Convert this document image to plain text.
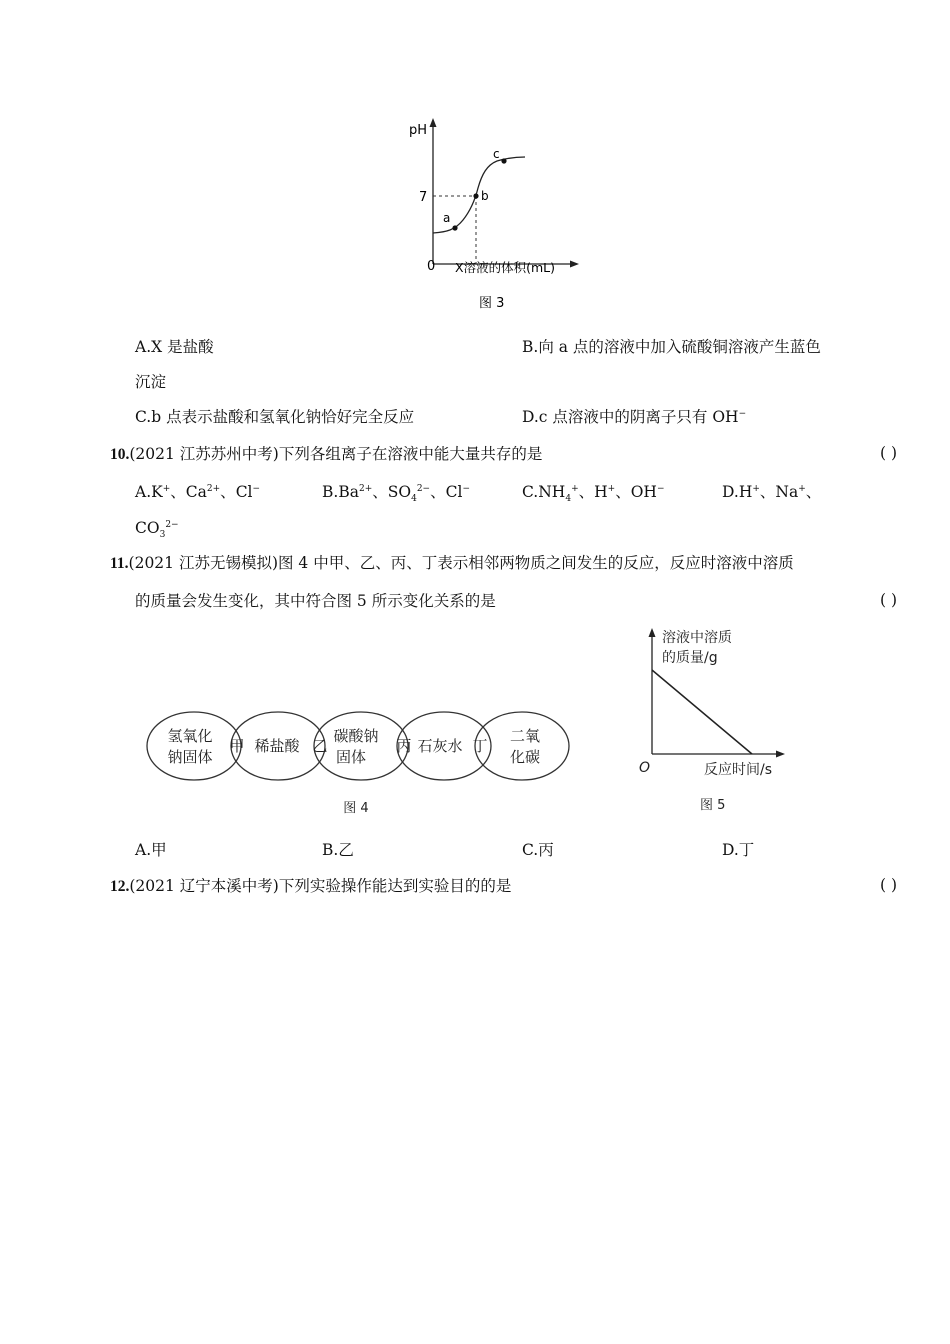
pH
7
0 X溶液的体积(mL)
a
b
c
图 3
A.X 是盐酸	B.向 a 点的溶液中加入硫酸铜溶液产生蓝色
沉淀
C.b 点表示盐酸和氢氧化钠恰好完全反应	D.c 点溶液中的阴离子只有 OH−
10.(2021 江苏苏州中考)下列各组离子在溶液中能大量共存的是	( )
A.K+、$Ca^{2+}$、Cl−	$B.Ba^{2+}$、$SO_4^{2-}$、Cl−	$C.NH_4^+$、H+、OH−	D.H+、Na+、
$CO_3^{2-}$
11.(2021 江苏无锡模拟)图 4 中甲、乙、丙、丁表示相邻两物质之间发生的反应，反应时溶液中溶质
的质量会发生变化，其中符合图 5 所示变化关系的是	( )
氢氧化
钠固体
稀盐酸
碳酸钠
固体
石灰水
二氧
化碳
甲	乙	丙	丁
图 4
溶液中溶质
的质量/g
O	反应时间/s
图 5
A.甲	B.乙	C.丙	D.丁
12.(2021 辽宁本溪中考)下列实验操作能达到实验目的的是	( )
